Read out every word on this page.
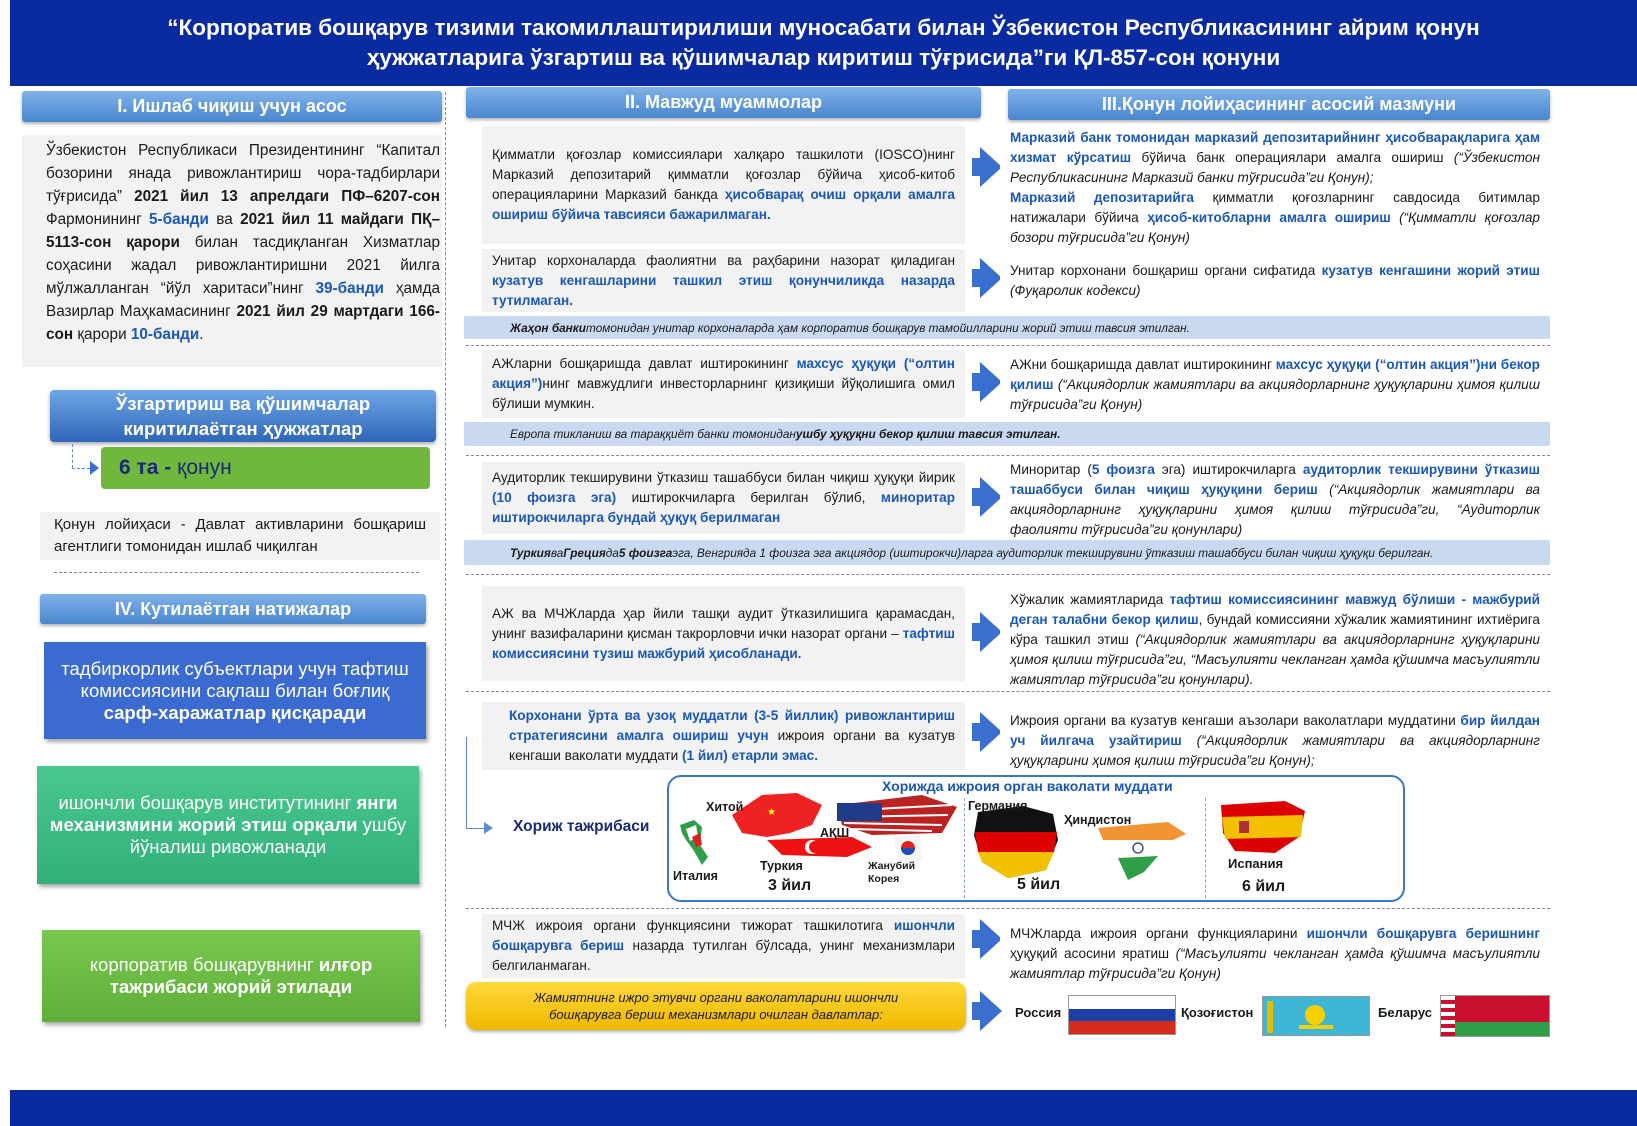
“Корпоратив бошқарув тизими такомиллаштирилиши муносабати билан Ўзбекистон Республикасининг айрим қонун
ҳужжатларига ўзгартиш ва қўшимчалар киритиш тўғрисида”ги ҚЛ-857-сон қонуни
I. Ишлаб чиқиш учун асос
Ўзбекистон Республикаси Президентининг “Капитал бозорини янада ривожлантириш чора-тадбирлари тўғрисида” 2021 йил 13 апрелдаги ПФ–6207-сон Фармонининг 5-банди ва 2021 йил 11 майдаги ПҚ–5113-сон қарори билан тасдиқланган Хизматлар соҳасини жадал ривожлантиришни 2021 йилга мўлжалланган “йўл харитаси”нинг 39-банди ҳамда Вазирлар Маҳкамасининг 2021 йил 29 мартдаги 166-сон қарори 10-банди.
Ўзгартириш ва қўшимчалар киритилаётган ҳужжатлар
6 та -
қонун
Қонун лойиҳаси - Давлат активларини бошқариш агентлиги томонидан ишлаб чиқилган
IV. Кутилаётган натижалар
тадбиркорлик субъектлари учун тафтиш комиссиясини сақлаш билан боғлиқ сарф-харажатлар қисқаради
ишончли бошқарув институтининг янги механизмини жорий этиш орқали ушбу йўналиш ривожланади
корпоратив бошқарувнинг илғор тажрибаси жорий этилади
II. Мавжуд муаммолар	III.Қонун лойиҳасининг асосий мазмуни
Қимматли қоғозлар комиссиялари халқаро ташкилоти (IOSCO)нинг Марказий депозитарий қимматли қоғозлар бўйича ҳисоб-китоб операцияларини Марказий банкда ҳисобварақ очиш орқали амалга ошириш бўйича тавсияси бажарилмаган.
Марказий банк томонидан марказий депозитарийнинг ҳисобварақларига ҳам хизмат кўрсатиш бўйича банк операциялари амалга ошириш (“Ўзбекистон Республикасининг Марказий банки тўғрисида”ги Қонун);
Марказий депозитарийга қимматли қоғозларнинг савдосида битимлар натижалари бўйича ҳисоб-китобларни амалга ошириш (“Қимматли қоғозлар бозори тўғрисида”ги Қонун)
Унитар корхоналарда фаолиятни ва раҳбарини назорат қиладиган кузатув кенгашларини ташкил этиш қонунчиликда назарда тутилмаган.
Унитар корхонани бошқариш органи сифатида кузатув кенгашини жорий этиш (Фуқаролик кодекси)
Жаҳон банки томонидан унитар корхоналарда ҳам корпоратив бошқарув тамойилларини жорий этиш тавсия этилган.
АЖларни бошқаришда давлат иштирокининг махсус ҳуқуқи (“олтин акция”)нинг мавжудлиги инвесторларнинг қизиқиши йўқолишига омил бўлиши мумкин.
АЖни бошқаришда давлат иштирокининг махсус ҳуқуқи (“олтин акция”)ни бекор қилиш (“Акциядорлик жамиятлари ва акциядорларнинг ҳуқуқларини ҳимоя қилиш тўғрисида”ги Қонун)
Европа тикланиш ва тараққиёт банки томонидан ушбу ҳуқуқни бекор қилиш тавсия этилган.
Аудиторлик текширувини ўтказиш ташаббуси билан чиқиш ҳуқуқи йирик (10 фоизга эга) иштирокчиларга берилган бўлиб, миноритар иштирокчиларга бундай ҳуқуқ берилмаган
Миноритар (5 фоизга эга) иштирокчиларга аудиторлик текширувини ўтказиш ташаббуси билан чиқиш ҳуқуқини бериш (“Акциядорлик жамиятлари ва акциядорларнинг ҳуқуқларини ҳимоя қилиш тўғрисида”ги, “Аудиторлик фаолияти тўғрисида”ги қонунлари)
Туркия ва Греция да 5 фоизга эга, Венгрияда 1 фоизга эга акциядор (иштирокчи)ларга аудиторлик текширувини ўтказиш ташаббуси билан чиқиш ҳуқуқи берилган.
АЖ ва МЧЖларда ҳар йили ташқи аудит ўтказилишига қарамасдан, унинг вазифаларини қисман такрорловчи ички назорат органи – тафтиш комиссиясини тузиш мажбурий ҳисобланади.
Хўжалик жамиятларида тафтиш комиссиясининг мавжуд бўлиши - мажбурий деган талабни бекор қилиш, бундай комиссияни хўжалик жамиятининг ихтиёрига кўра ташкил этиш (“Акциядорлик жамиятлари ва акциядорларнинг ҳуқуқларини ҳимоя қилиш тўғрисида”ги, “Масъулияти чекланган ҳамда қўшимча масъулиятли жамиятлар тўғрисида”ги қонунлари).
Корхонани ўрта ва узоқ муддатли (3-5 йиллик) ривожлантириш стратегиясини амалга ошириш учун ижроия органи ва кузатув кенгаши ваколати муддати (1 йил) етарли эмас.
Ижроия органи ва кузатув кенгаши аъзолари ваколатлари муддатини бир йилдан уч йилгача узайтириш (“Акциядорлик жамиятлари ва акциядорларнинг ҳуқуқларини ҳимоя қилиш тўғрисида”ги Қонун);
Хориж тажрибаси
Хорижда ижроия орган ваколати муддати
★
Хитой
АҚШ
Италия
Туркия	Жанубий Корея
3 йил
Германия
Ҳиндистон
5 йил
Испания
6 йил
МЧЖ ижроия органи функциясини тижорат ташкилотига ишончли бошқарувга бериш назарда тутилган бўлсада, унинг механизмлари белгиланмаган.
МЧЖларда ижроия органи функцияларини ишончли бошқарувга беришнинг ҳуқуқий асосини яратиш (“Масъулияти чекланган ҳамда қўшимча масъулиятли жамиятлар тўғрисида”ги Қонун)
Жамиятнинг ижро этувчи органи ваколатларини ишончли бошқарувга бериш механизмлари очилган давлатлар:	Россия	Қозоғистон	Беларус
